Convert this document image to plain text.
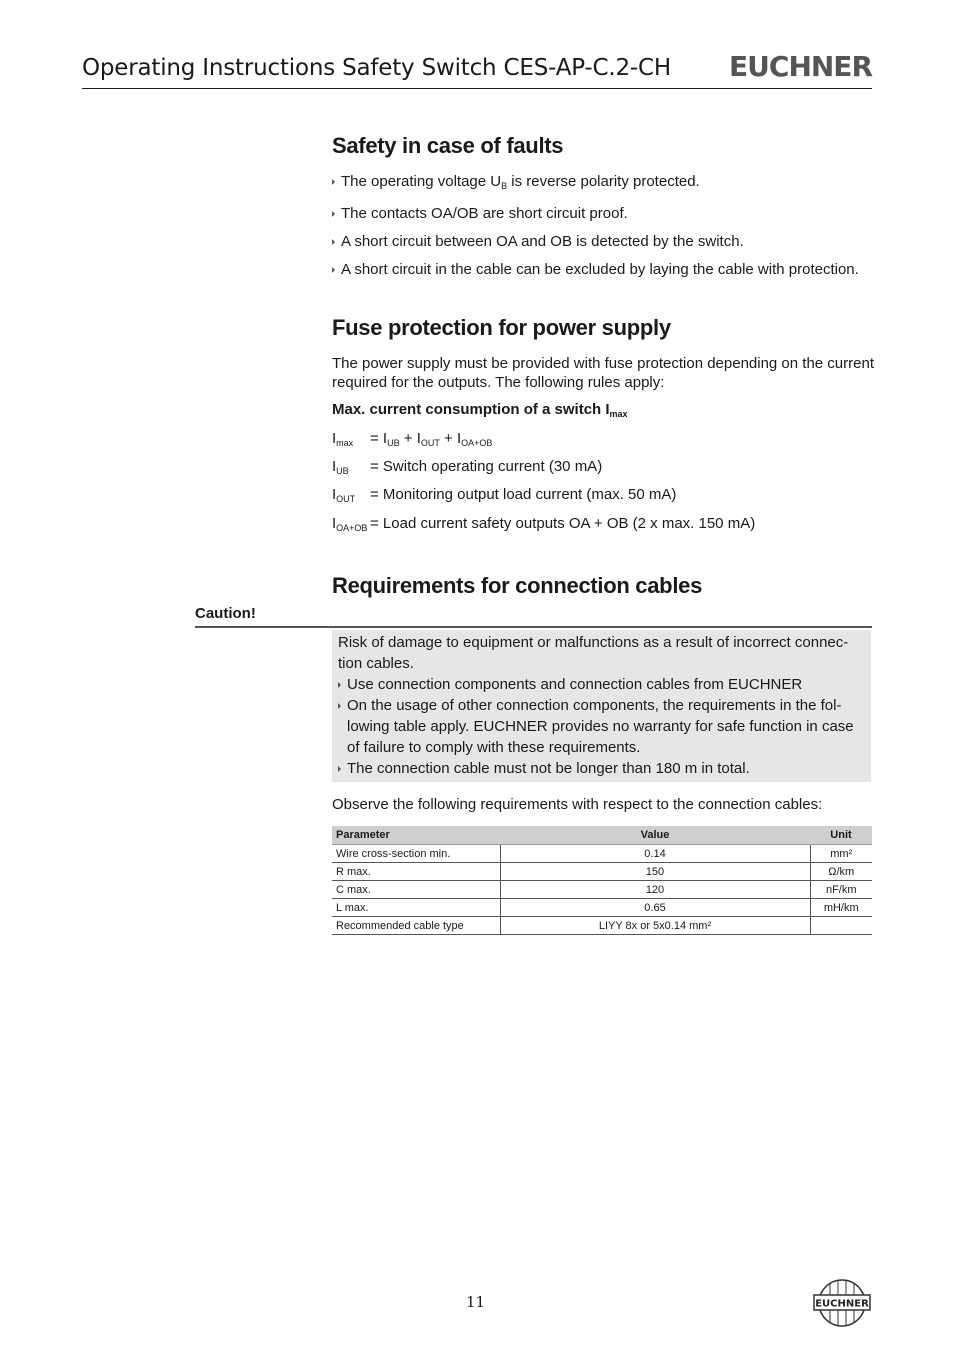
Operating Instructions Safety Switch CES-AP-C.2-CH EUCHNER
Safety in case of faults
The operating voltage $U_B$ is reverse polarity protected.
The contacts OA/OB are short circuit proof.
A short circuit between OA and OB is detected by the switch.
A short circuit in the cable can be excluded by laying the cable with protection.
Fuse protection for power supply

The power supply must be provided with fuse protection depending on the current required for the outputs. The following rules apply:

Max. current consumption of a switch $I_{max}$
$I_{max} = I_{UB} + I_{OUT} + I_{OA+OB}$
$I_{UB}$ = Switch operating current (30 mA)
$I_{OUT}$ = Monitoring output load current (max. 50 mA)
$I_{OA+OB}$ = Load current safety outputs OA + OB (2 x max. 150 mA)
Requirements for connection cables
Caution!
Risk of damage to equipment or malfunctions as a result of incorrect connec-
tion cables.
Use connection components and connection cables from EUCHNER
On the usage of other connection components, the requirements in the fol-
lowing table apply. EUCHNER provides no warranty for safe function in case
of failure to comply with these requirements.
The connection cable must not be longer than 180 m in total.

Observe the following requirements with respect to the connection cables:

Parameter	Value	Unit
Wire cross-section min.	0.14	mm²
R max.	150	Ω/km
C max.	120	nF/km
L max.	0.65	mH/km
Recommended cable type	LIYY 8x or 5x0.14 mm²	
11	EUCHNER
